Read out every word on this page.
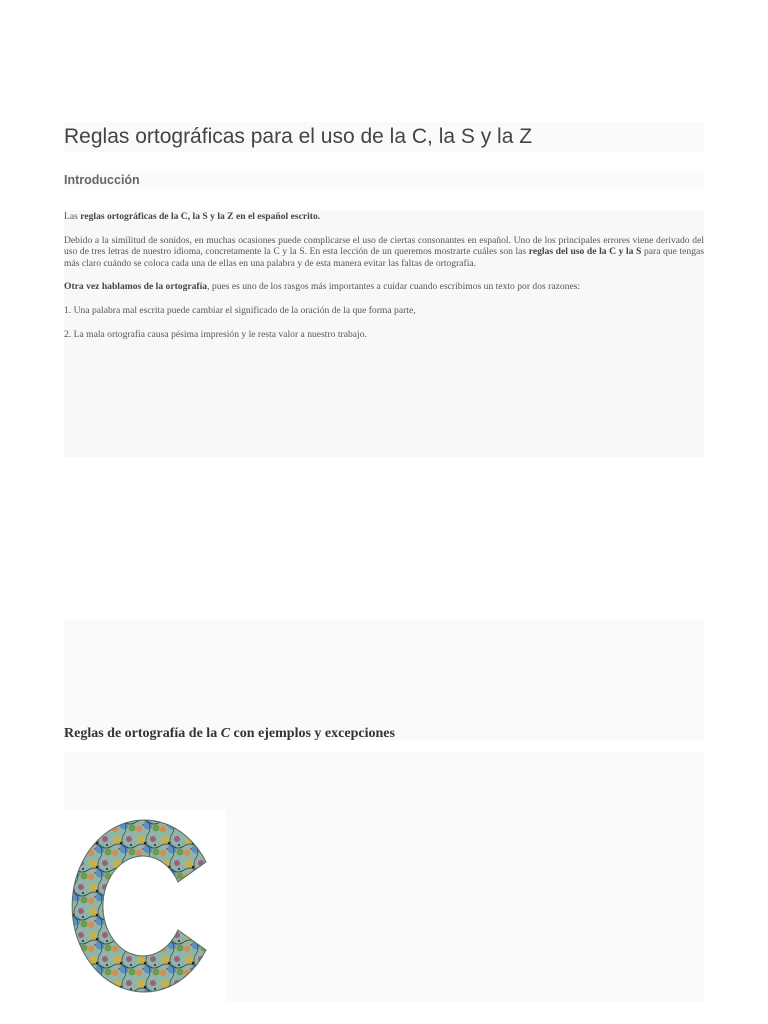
Reglas ortográficas para el uso de la C, la S y la Z
Introducción

Las reglas ortográficas de la C, la S y la Z en el español escrito.

Debido a la similitud de sonidos, en muchas ocasiones puede complicarse el uso de ciertas consonantes en español. Uno de los principales errores viene derivado del uso de tres letras de nuestro idioma, concretamente la C y la S. En esta lección de un queremos mostrarte cuáles son las reglas del uso de la C y la S para que tengas más claro cuándo se coloca cada una de ellas en una palabra y de esta manera evitar las faltas de ortografía.

Otra vez hablamos de la ortografía, pues es uno de los rasgos más importantes a cuidar cuando escribimos un texto por dos razones:

1. Una palabra mal escrita puede cambiar el significado de la oración de la que forma parte,

2. La mala ortografía causa pésima impresión y le resta valor a nuestro trabajo.

Reglas de ortografía de la C con ejemplos y excepciones
